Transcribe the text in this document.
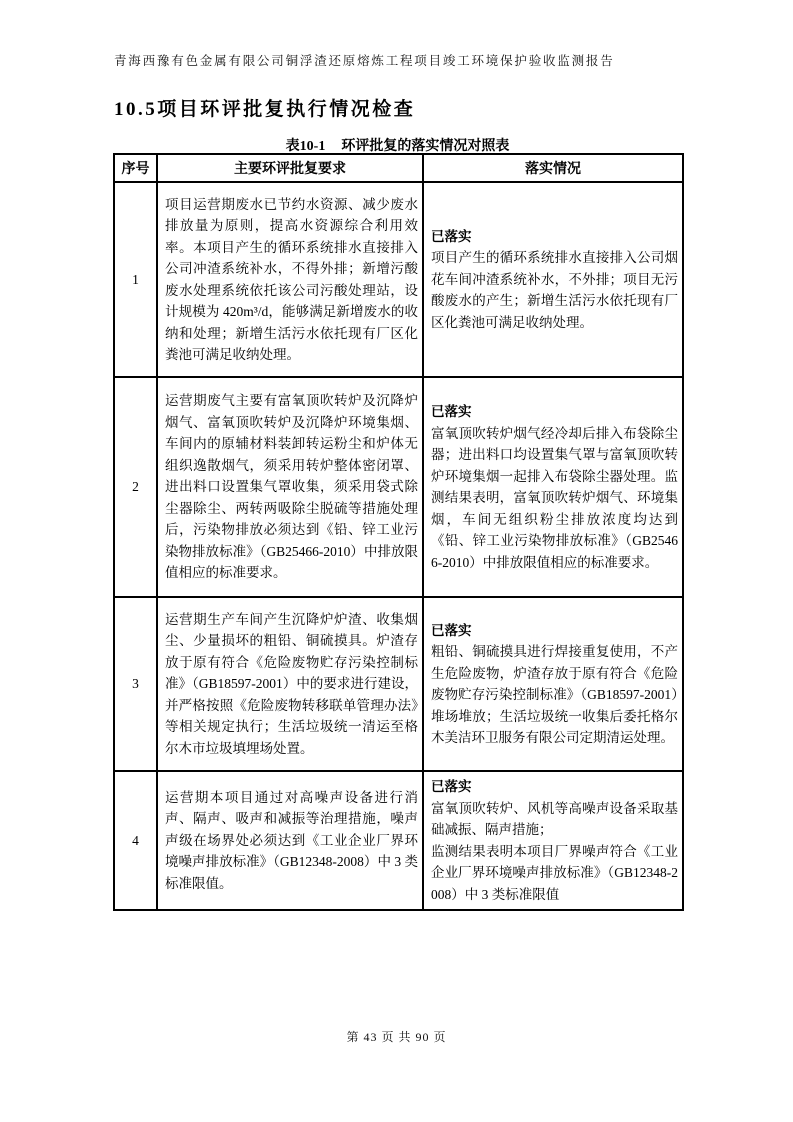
青海西豫有色金属有限公司铜浮渣还原熔炼工程项目竣工环境保护验收监测报告
10.5项目环评批复执行情况检查
表10-1 环评批复的落实情况对照表
序号	主要环评批复要求	落实情况
1	项目运营期废水已节约水资源、减少废水排放量为原则，提高水资源综合利用效率。本项目产生的循环系统排水直接排入公司冲渣系统补水，不得外排；新增污酸废水处理系统依托该公司污酸处理站，设计规模为 420m³/d，能够满足新增废水的收纳和处理；新增生活污水依托现有厂区化粪池可满足收纳处理。	已落实

项目产生的循环系统排水直接排入公司烟花车间冲渣系统补水，不外排；项目无污酸废水的产生；新增生活污水依托现有厂区化粪池可满足收纳处理。

2	运营期废气主要有富氧顶吹转炉及沉降炉烟气、富氧顶吹转炉及沉降炉环境集烟、车间内的原辅材料装卸转运粉尘和炉体无组织逸散烟气，须采用转炉整体密闭罩、进出料口设置集气罩收集，须采用袋式除尘器除尘、两转两吸除尘脱硫等措施处理后，污染物排放必须达到《铅、锌工业污染物排放标准》（GB25466-2010）中排放限值相应的标准要求。	已落实

富氧顶吹转炉烟气经冷却后排入布袋除尘器；进出料口均设置集气罩与富氧顶吹转炉环境集烟一起排入布袋除尘器处理。监测结果表明，富氧顶吹转炉烟气、环境集烟，车间无组织粉尘排放浓度均达到《铅、锌工业污染物排放标准》（GB25466-2010）中排放限值相应的标准要求。

3	运营期生产车间产生沉降炉炉渣、收集烟尘、少量损坏的粗铅、铜硫摸具。炉渣存放于原有符合《危险废物贮存污染控制标准》（GB18597-2001）中的要求进行建设，并严格按照《危险废物转移联单管理办法》等相关规定执行；生活垃圾统一清运至格尔木市垃圾填埋场处置。	已落实

粗铅、铜硫摸具进行焊接重复使用，不产生危险废物，炉渣存放于原有符合《危险废物贮存污染控制标准》（GB18597-2001）堆场堆放；生活垃圾统一收集后委托格尔木美洁环卫服务有限公司定期清运处理。

4	运营期本项目通过对高噪声设备进行消声、隔声、吸声和减振等治理措施，噪声声级在场界处必须达到《工业企业厂界环境噪声排放标准》（GB12348-2008）中 3 类标准限值。	已落实

富氧顶吹转炉、风机等高噪声设备采取基础减振、隔声措施；

监测结果表明本项目厂界噪声符合《工业企业厂界环境噪声排放标准》（GB12348-2008）中 3 类标准限值

第 43 页 共 90 页
